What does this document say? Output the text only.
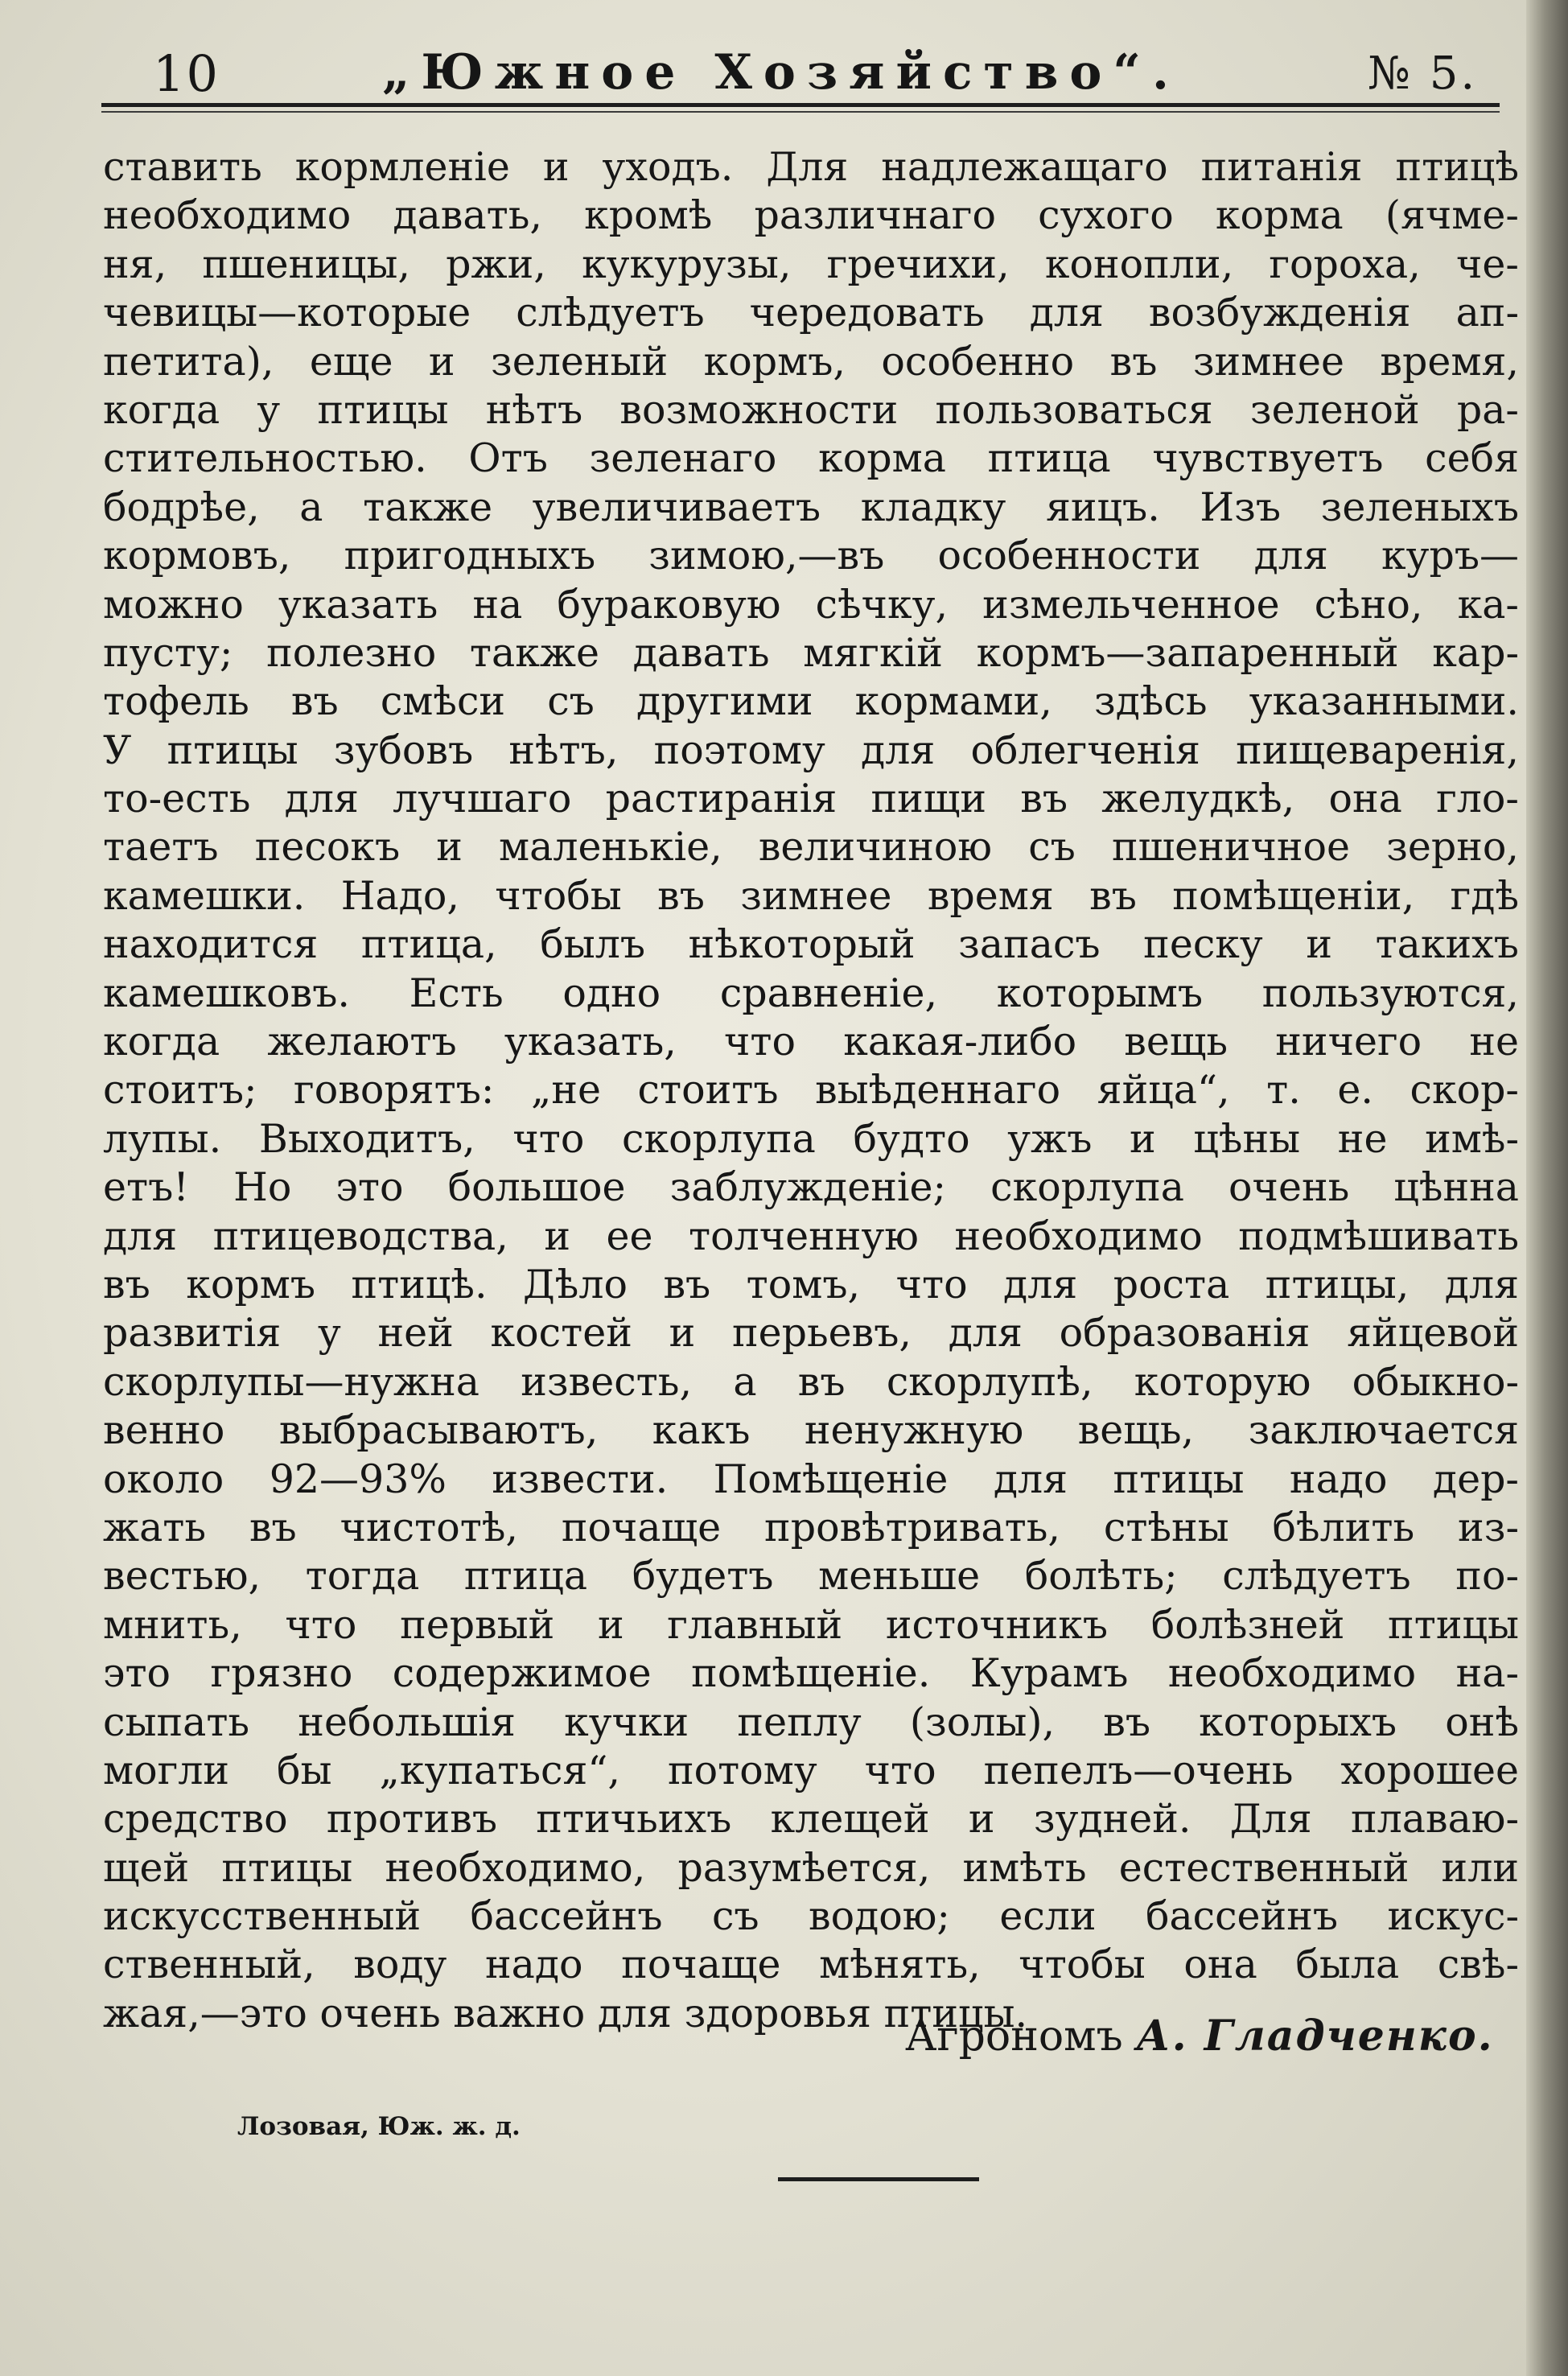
10	„Южное Хозяйство“.	№ 5.
ставить кормленіе и уходъ. Для надлежащаго питанія птицѣ
необходимо давать, кромѣ различнаго сухого корма (ячме-
ня, пшеницы, ржи, кукурузы, гречихи, конопли, гороха, че-
чевицы—которые слѣдуетъ чередовать для возбужденія ап-
петита), еще и зеленый кормъ, особенно въ зимнее время,
когда у птицы нѣтъ возможности пользоваться зеленой ра-
стительностью. Отъ зеленаго корма птица чувствуетъ себя
бодрѣе, а также увеличиваетъ кладку яицъ. Изъ зеленыхъ
кормовъ, пригодныхъ зимою,—въ особенности для куръ—
можно указать на бураковую сѣчку, измельченное сѣно, ка-
пусту; полезно также давать мягкій кормъ—запаренный кар-
тофель въ смѣси съ другими кормами, здѣсь указанными.
У птицы зубовъ нѣтъ, поэтому для облегченія пищеваренія,
то-есть для лучшаго растиранія пищи въ желудкѣ, она гло-
таетъ песокъ и маленькіе, величиною съ пшеничное зерно,
камешки. Надо, чтобы въ зимнее время въ помѣщеніи, гдѣ
находится птица, былъ нѣкоторый запасъ песку и такихъ
камешковъ. Есть одно сравненіе, которымъ пользуются,
когда желаютъ указать, что какая-либо вещь ничего не
стоитъ; говорятъ: „не стоитъ выѣденнаго яйца“, т. е. скор-
лупы. Выходитъ, что скорлупа будто ужъ и цѣны не имѣ-
етъ! Но это большое заблужденіе; скорлупа очень цѣнна
для птицеводства, и ее толченную необходимо подмѣшивать
въ кормъ птицѣ. Дѣло въ томъ, что для роста птицы, для
развитія у ней костей и перьевъ, для образованія яйцевой
скорлупы—нужна известь, а въ скорлупѣ, которую обыкно-
венно выбрасываютъ, какъ ненужную вещь, заключается
около 92—93% извести. Помѣщеніе для птицы надо дер-
жать въ чистотѣ, почаще провѣтривать, стѣны бѣлить из-
вестью, тогда птица будетъ меньше болѣть; слѣдуетъ по-
мнить, что первый и главный источникъ болѣзней птицы
это грязно содержимое помѣщеніе. Курамъ необходимо на-
сыпать небольшія кучки пеплу (золы), въ которыхъ онѣ
могли бы „купаться“, потому что пепелъ—очень хорошее
средство противъ птичьихъ клещей и зудней. Для плаваю-
щей птицы необходимо, разумѣется, имѣть естественный или
искусственный бассейнъ съ водою; если бассейнъ искус-
ственный, воду надо почаще мѣнять, чтобы она была свѣ-
жая,—это очень важно для здоровья птицы.
Агрономъ А. Гладченко.
Лозовая, Юж. ж. д.
